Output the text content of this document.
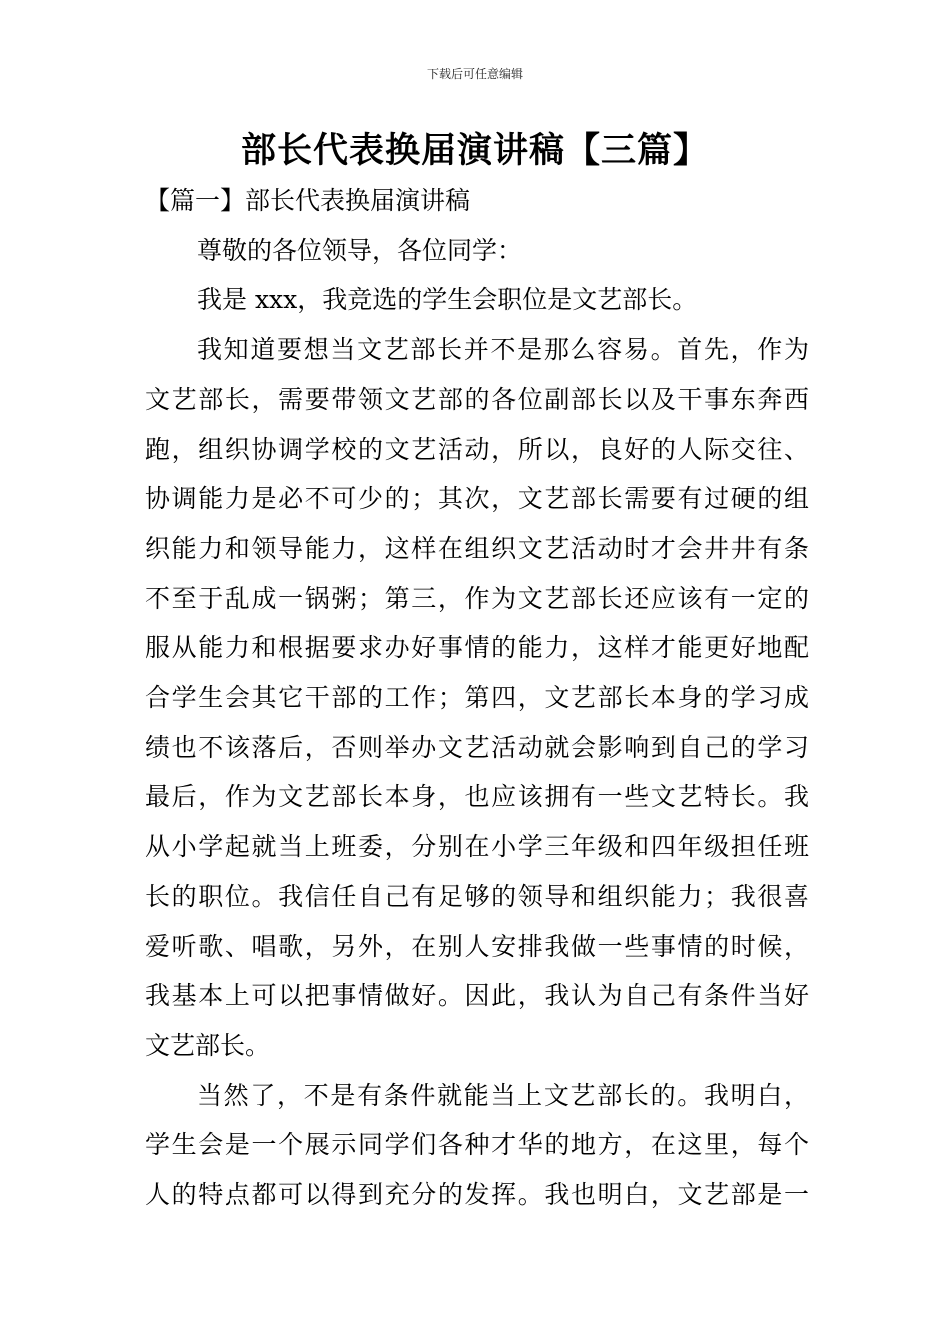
下载后可任意编辑
部长代表换届演讲稿【三篇】
【篇一】部长代表换届演讲稿
尊敬的各位领导，各位同学：
我是 xxx，我竞选的学生会职位是文艺部长。
我知道要想当文艺部长并不是那么容易。首先，作为
文艺部长，需要带领文艺部的各位副部长以及干事东奔西
跑，组织协调学校的文艺活动，所以，良好的人际交往、
协调能力是必不可少的；其次，文艺部长需要有过硬的组
织能力和领导能力，这样在组织文艺活动时才会井井有条
不至于乱成一锅粥；第三，作为文艺部长还应该有一定的
服从能力和根据要求办好事情的能力，这样才能更好地配
合学生会其它干部的工作；第四，文艺部长本身的学习成
绩也不该落后，否则举办文艺活动就会影响到自己的学习
最后，作为文艺部长本身，也应该拥有一些文艺特长。我
从小学起就当上班委，分别在小学三年级和四年级担任班
长的职位。我信任自己有足够的领导和组织能力；我很喜
爱听歌、唱歌，另外，在别人安排我做一些事情的时候，
我基本上可以把事情做好。因此，我认为自己有条件当好
文艺部长。
当然了，不是有条件就能当上文艺部长的。我明白，
学生会是一个展示同学们各种才华的地方，在这里，每个
人的特点都可以得到充分的发挥。我也明白，文艺部是一
